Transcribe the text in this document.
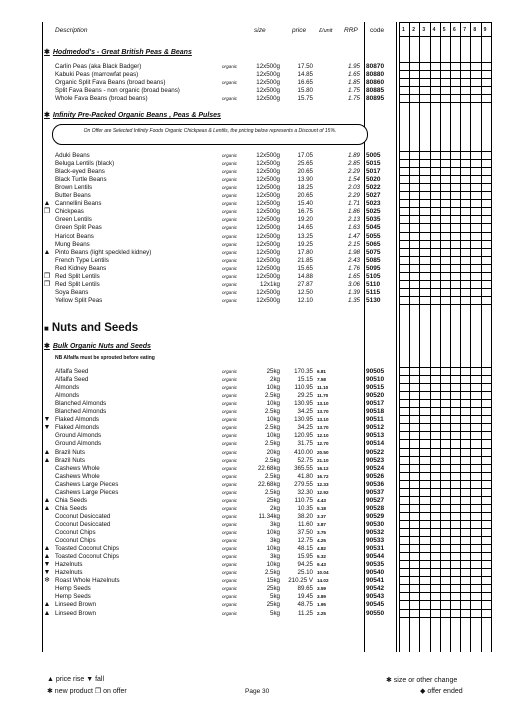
Description	size	price £/unit RRP code	1 2 3 4 5 6 7 8 9
✱ Hodmedod's - Great British Peas & Beans
Carlin Peas (aka Black Badger)	organic	12x500g	17.50	1.95 80870
Kabuki Peas (marrowfat peas)	12x500g	14.85	1.65 80880
Organic Split Fava Beans (broad beans)	organic	12x500g	16.65	1.85 80860
Split Fava Beans - non organic (broad beans)	12x500g	15.80	1.75 80885
Whole Fava Beans (broad beans)	organic	12x500g	15.75	1.75 80895
✱ Infinity Pre-Packed Organic Beans , Peas & Pulses
On Offer are Selected Infinity Foods Organic Chickpeas & Lentils, the pricing below represents a Discount of 15%.
Aduki Beans	organic	12x500g	17.05	1.89 5005
Beluga Lentils (black)	organic	12x500g	25.65	2.85 5015
Black-eyed Beans	organic	12x500g	20.65	2.29 5017
Black Turtle Beans	organic	12x500g	13.90	1.54 5020
Brown Lentils	organic	12x500g	18.25	2.03 5022
Butter Beans	organic	12x500g	20.65	2.29 5027
▲ Cannellini Beans	organic	12x500g	15.40	1.71 5023
❐ Chickpeas	organic	12x500g	16.75	1.86 5025
Green Lentils	organic	12x500g	19.20	2.13 5035
Green Split Peas	organic	12x500g	14.65	1.63 5045
Haricot Beans	organic	12x500g	13.25	1.47 5055
Mung Beans	organic	12x500g	19.25	2.15 5065
▲ Pinto Beans (light speckled kidney)	organic	12x500g	17.80	1.98 5075
French Type Lentils	organic	12x500g	21.85	2.43 5085
Red Kidney Beans	organic	12x500g	15.65	1.76 5095
❐ Red Split Lentils	organic	12x500g	14.88	1.65 5105
❐ Red Split Lentils	organic	12x1kg	27.87	3.06 5110
Soya Beans	organic	12x500g	12.50	1.39 5115
Yellow Split Peas	organic	12x500g	12.10	1.35 5130
■ Nuts and Seeds
✱ Bulk Organic Nuts and Seeds
NB Alfalfa must be sprouted before eating
Alfalfa Seed	organic	25kg	170.35 6.81	90505
Alfalfa Seed	organic	2kg	15.15 7.58	90510
Almonds	organic	10kg	110.95 11.10	90515
Almonds	organic	2.5kg	29.25 11.70	90520
Blanched Almonds	organic	10kg	130.95 13.10	90517
Blanched Almonds	organic	2.5kg	34.25 13.70	90518
▼ Flaked Almonds	organic	10kg	130.95 13.10	90511
▼ Flaked Almonds	organic	2.5kg	34.25 13.70	90512
Ground Almonds	organic	10kg	120.95 12.10	90513
Ground Almonds	organic	2.5kg	31.75 12.70	90514
▲ Brazil Nuts	organic	20kg	410.00 20.50	90522
▲ Brazil Nuts	organic	2.5kg	52.75 21.10	90523
Cashews Whole	organic	22.68kg	365.55 16.12	90524
Cashews Whole	organic	2.5kg	41.80 16.72	90526
Cashews Large Pieces	organic	22.68kg	279.55 12.33	90536
Cashews Large Pieces	organic	2.5kg	32.30 12.92	90537
▲ Chia Seeds	organic	25kg	110.75 4.43	90527
▲ Chia Seeds	organic	2kg	10.35 5.18	90528
Coconut Desiccated	organic	11.34kg	38.20 3.37	90529
Coconut Desiccated	organic	3kg	11.60 3.87	90530
Coconut Chips	organic	10kg	37.50 3.75	90532
Coconut Chips	organic	3kg	12.75 4.25	90533
▲ Toasted Coconut Chips	organic	10kg	48.15 4.82	90531
▲ Toasted Coconut Chips	organic	3kg	15.95 5.32	90544
▼ Hazelnuts	organic	10kg	94.25 9.43	90535
▼ Hazelnuts	organic	2.5kg	25.10 10.04	90540
❄ Roast Whole Hazelnuts	organic	15kg	210.25 V 14.02	90541
Hemp Seeds	organic	25kg	89.65 3.59	90542
Hemp Seeds	organic	5kg	19.45 3.89	90543
▲ Linseed Brown	organic	25kg	48.75 1.95	90545
▲ Linseed Brown	organic	5kg	11.25 2.25	90550
▲ price rise ▼ fall
✱ new product ❐ on offer	Page 30
✱ size or other change
◆ offer ended
